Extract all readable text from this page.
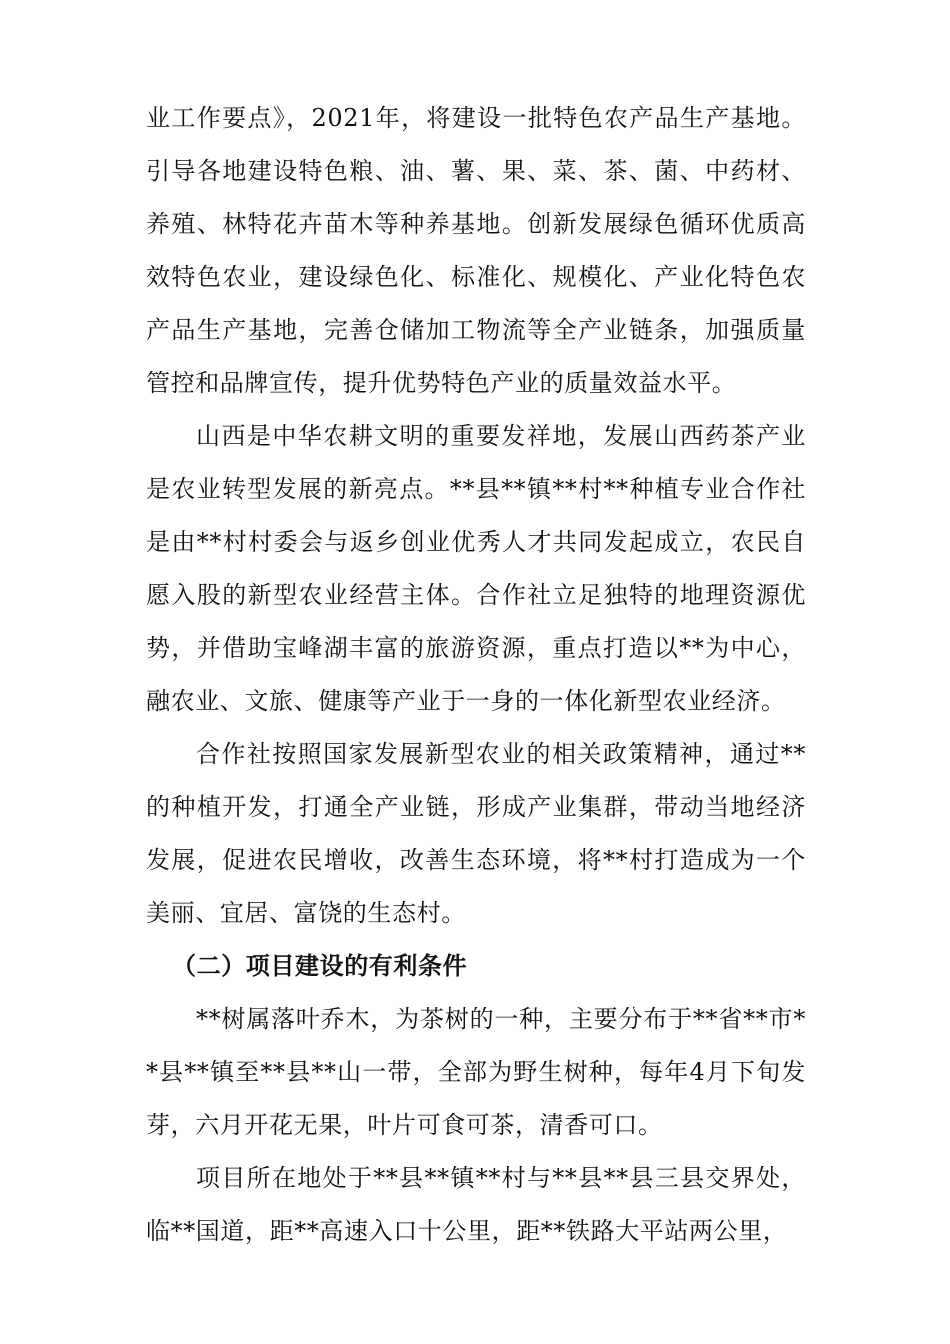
业工作要点》，2021年，将建设一批特色农产品生产基地。引导各地建设特色粮、油、薯、果、菜、茶、菌、中药材、养殖、林特花卉苗木等种养基地。创新发展绿色循环优质高效特色农业，建设绿色化、标准化、规模化、产业化特色农产品生产基地，完善仓储加工物流等全产业链条，加强质量管控和品牌宣传，提升优势特色产业的质量效益水平。

山西是中华农耕文明的重要发祥地，发展山西药茶产业是农业转型发展的新亮点。**县**镇**村**种植专业合作社是由**村村委会与返乡创业优秀人才共同发起成立，农民自愿入股的新型农业经营主体。合作社立足独特的地理资源优势，并借助宝峰湖丰富的旅游资源，重点打造以**为中心，融农业、文旅、健康等产业于一身的一体化新型农业经济。

合作社按照国家发展新型农业的相关政策精神，通过**的种植开发，打通全产业链，形成产业集群，带动当地经济发展，促进农民增收，改善生态环境，将**村打造成为一个美丽、宜居、富饶的生态村。

（二）项目建设的有利条件

**树属落叶乔木，为茶树的一种，主要分布于**省**市**县**镇至**县**山一带，全部为野生树种，每年4月下旬发芽，六月开花无果，叶片可食可茶，清香可口。

项目所在地处于**县**镇**村与**县**县三县交界处，临**国道，距**高速入口十公里，距**铁路大平站两公里，
